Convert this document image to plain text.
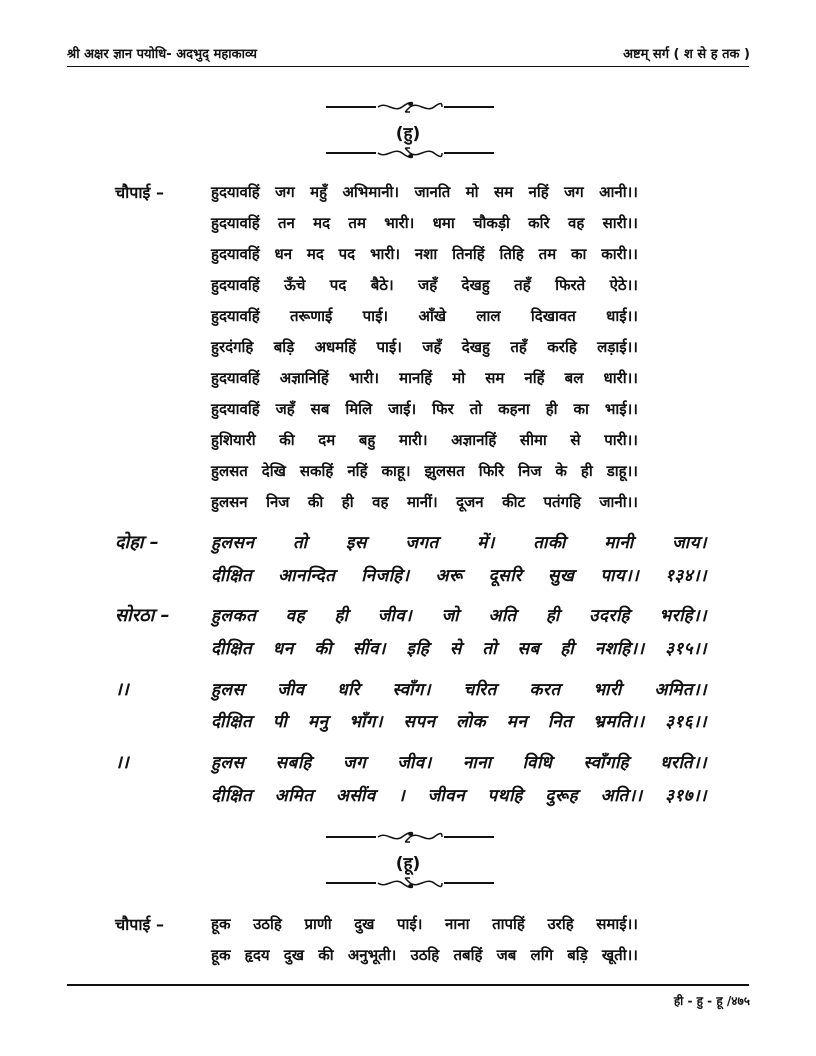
श्री अक्षर ज्ञान पयोधि- अदभुद् महाकाव्य	अष्टम् सर्ग ( श से ह तक )
(हु)
चौपाई –	हुदयावहिं जग महुँ अभिमानी। जानति मो सम नहिं जग आनी।।
हुदयावहिं तन मद तम भारी। धमा चौकड़ी करि वह सारी।।
हुदयावहिं धन मद पद भारी। नशा तिनहिं तिहि तम का कारी।।
हुदयावहिं ऊँचे पद बैठे। जहँ देखहु तहँ फिरते ऐठे।।
हुदयावहिं तरूणाई पाई। आँखे लाल दिखावत धाई।।
हुरदंगहि बड़ि अधमहिं पाई। जहँ देखहु तहँ करहि लड़ाई।।
हुदयावहिं अज्ञानिहिं भारी। मानहिं मो सम नहिं बल धारी।।
हुदयावहिं जहँ सब मिलि जाई। फिर तो कहना ही का भाई।।
हुशियारी की दम बहु मारी। अज्ञानहिं सीमा से पारी।।
हुलसत देखि सकहिं नहिं काहू। झुलसत फिरि निज के ही डाहू।।
हुलसन निज की ही वह मानीं। दूजन कीट पतंगहि जानी।।
दोहा –	हुलसन तो इस जगत में। ताकी मानी जाय।
दीक्षित आनन्दित निजहि। अरू दूसरि सुख पाय।। १३४।।
सोरठा – हुलकत वह ही जीव। जो अति ही उदरहि भरहि।।
दीक्षित धन की सींव। इहि से तो सब ही नशहि।। ३१५।।
।।	हुलस जीव धरि स्वाँग। चरित करत भारी अमित।।
दीक्षित पी मनु भाँग। सपन लोक मन नित भ्रमति।। ३१६।।
।।	हुलस सबहि जग जीव। नाना विधि स्वाँगहि धरति।।
दीक्षित अमित असींव । जीवन पथहि दुरूह अति।। ३१७।।
(हू)
चौपाई –	हूक उठहि प्राणी दुख पाई। नाना तापहिं उरहि समाई।।
हूक हृदय दुख की अनुभूती। उठहि तबहिं जब लगि बड़ि खूती।।
ही - हु - हू /४७५
